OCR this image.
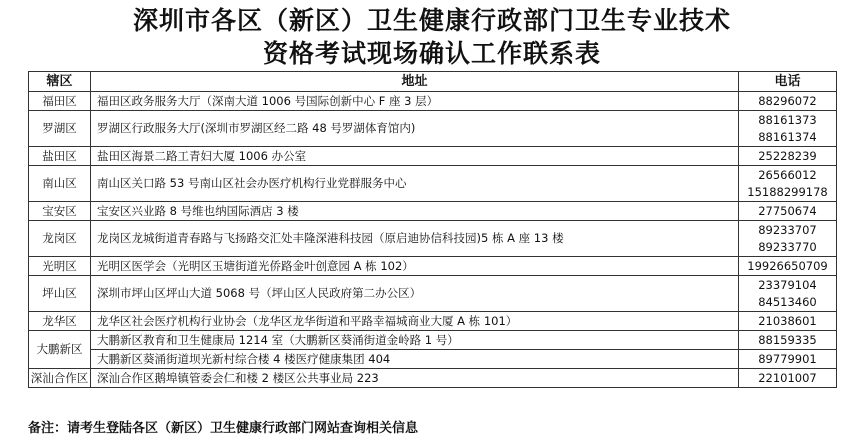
深圳市各区（新区）卫生健康行政部门卫生专业技术
资格考试现场确认工作联系表
辖区	地址	电话
福田区	福田区政务服务大厅（深南大道 1006 号国际创新中心 F 座 3 层）	88296072

罗湖区	罗湖区行政服务大厅(深圳市罗湖区经二路 48 号罗湖体育馆内)	88161373
88161374

盐田区	盐田区海景二路工青妇大厦 1006 办公室	25228239

南山区	南山区关口路 53 号南山区社会办医疗机构行业党群服务中心	26566012
15188299178

宝安区	宝安区兴业路 8 号维也纳国际酒店 3 楼	27750674

龙岗区	龙岗区龙城街道青春路与飞扬路交汇处丰隆深港科技园（原启迪协信科技园)5 栋 A 座 13 楼	89233707
89233770

光明区	光明区医学会（光明区玉塘街道光侨路金叶创意园 A 栋 102）	19926650709

坪山区	深圳市坪山区坪山大道 5068 号（坪山区人民政府第二办公区）	23379104
84513460

龙华区	龙华区社会医疗机构行业协会（龙华区龙华街道和平路幸福城商业大厦 A 栋 101）	21038601

大鹏新区	大鹏新区教育和卫生健康局 1214 室（大鹏新区葵涌街道金岭路 1 号）	88159335

	大鹏新区葵涌街道坝光新村综合楼 4 楼医疗健康集团 404	89779901

深汕合作区	深汕合作区鹅埠镇管委会仁和楼 2 楼区公共事业局 223	22101007
备注：请考生登陆各区（新区）卫生健康行政部门网站查询相关信息
